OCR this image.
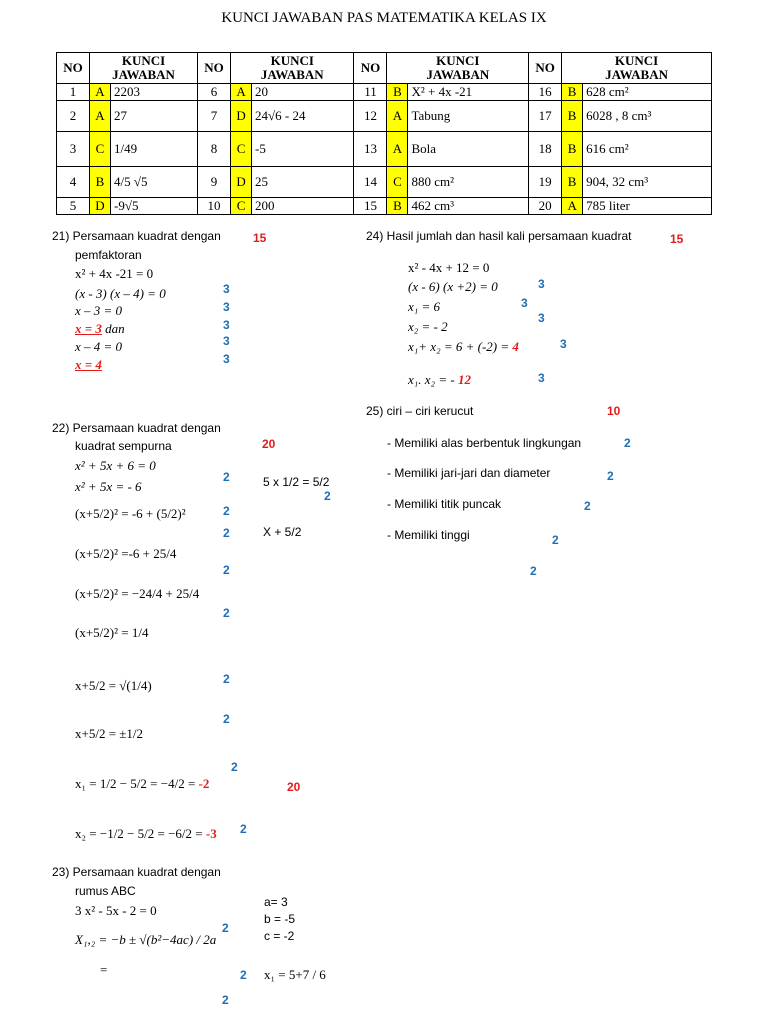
KUNCI JAWABAN PAS MATEMATIKA KELAS IX
NO	KUNCI
JAWABAN		NO	KUNCI
JAWABAN		NO	KUNCI
JAWABAN		NO	KUNCI
JAWABAN	
1	A	2203	6	A	20	11	B	X² + 4x -21	16	B	628 cm²
2	A	27	7	D	24√6 - 24	12	A	Tabung	17	B	6028 , 8 cm³
3	C	1/49	8	C	-5	13	A	Bola	18	B	616 cm²
4	B	4/5 √5	9	D	25	14	C	880 cm²	19	B	904, 32 cm³
5	D	-9√5	10	C	200	15	B	462 cm³	20	A	785 liter
21) Persamaan kuadrat dengan	15
pemfaktoran
x² + 4x -21 = 0
(x - 3) (x – 4) = 0	3
x – 3 = 0	3
x = 3 dan	3
x – 4 = 0	3
x = 4	3
22) Persamaan kuadrat dengan
kuadrat sempurna	20
x² + 5x + 6 = 0
x² + 5x = - 6
2
(x+5/2)² = -6 + (5/2)²	2
2
(x+5/2)² =-6 + 25/4
2
(x+5/2)² = −24/4 + 25/4
2
(x+5/2)² = 1/4
x+5/2 = √(1/4)	2
2
x+5/2 = ±1/2
2
x₁ = 1/2 − 5/2 = −4/2 = -2	20
x₂ = −1/2 − 5/2 = −6/2 = -3 2
5 x 1/2 = 5/2
2
X + 5/2
23) Persamaan kuadrat dengan
rumus ABC
3 x² - 5x - 2 = 0
X₁,₂ = −b ± √(b²−4ac) / 2a
2
=	2
2
a= 3
b = -5
c = -2
x₁ = 5+7 / 6
24) Hasil jumlah dan hasil kali persamaan kuadrat	15
x² - 4x + 12 = 0
(x - 6) (x +2) = 0	3
x₁ = 6	3
3
x₂ = - 2
x₁+ x₂ = 6 + (-2) = 4	3
x₁. x₂ = - 12	3
25) ciri – ciri kerucut	10
- Memiliki alas berbentuk lingkungan	2
- Memiliki jari-jari dan diameter	2
- Memiliki titik puncak	2
- Memiliki tinggi	2
2
